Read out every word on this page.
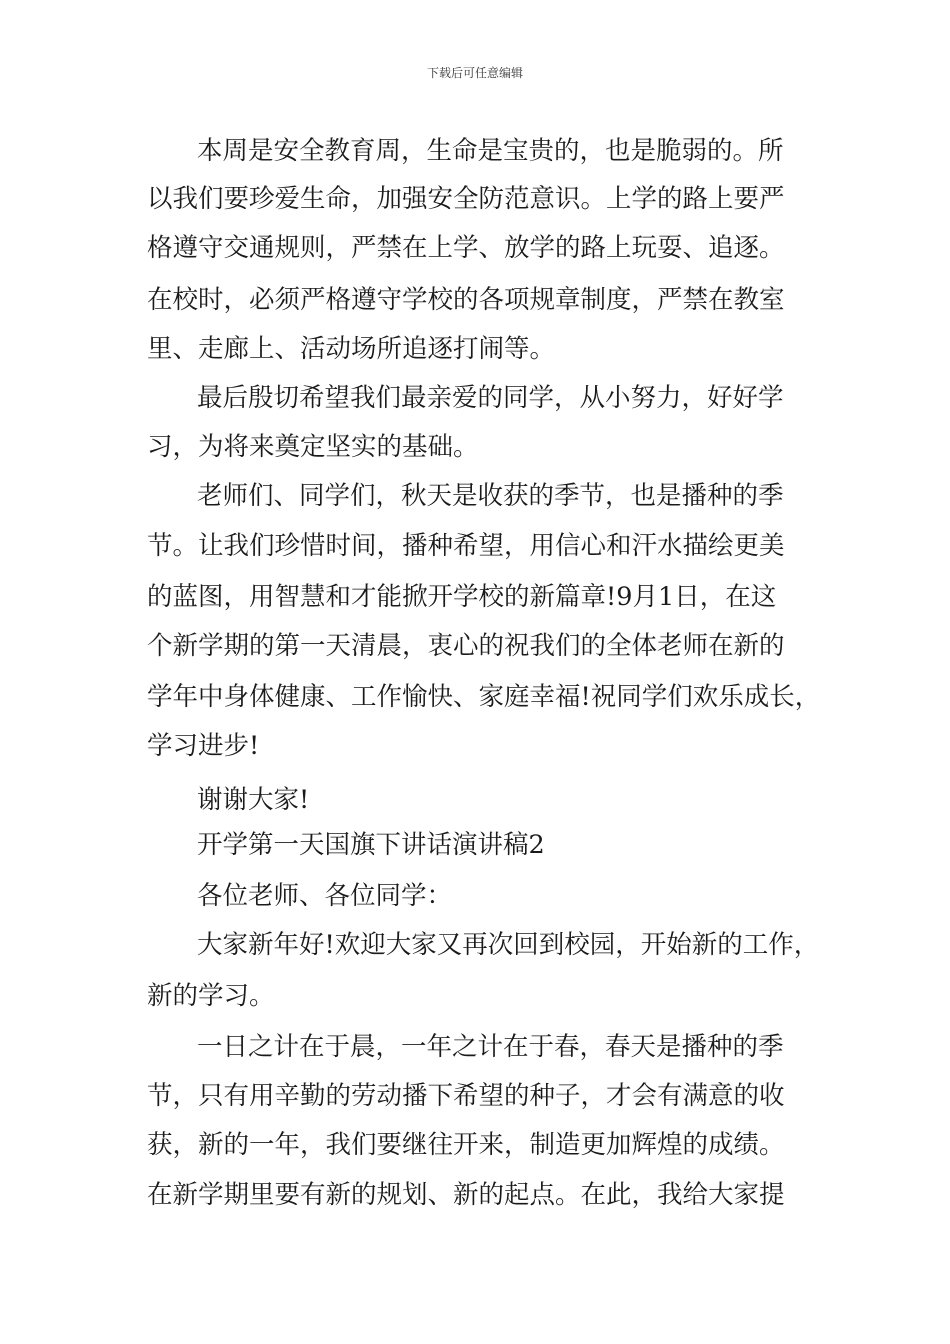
下载后可任意编辑
本周是安全教育周，生命是宝贵的，也是脆弱的。所
以我们要珍爱生命，加强安全防范意识。上学的路上要严
格遵守交通规则，严禁在上学、放学的路上玩耍、追逐。
在校时，必须严格遵守学校的各项规章制度，严禁在教室
里、走廊上、活动场所追逐打闹等。
最后殷切希望我们最亲爱的同学，从小努力，好好学
习，为将来奠定坚实的基础。
老师们、同学们，秋天是收获的季节，也是播种的季
节。让我们珍惜时间，播种希望，用信心和汗水描绘更美
的蓝图，用智慧和才能掀开学校的新篇章!9月1日，在这
个新学期的第一天清晨，衷心的祝我们的全体老师在新的
学年中身体健康、工作愉快、家庭幸福!祝同学们欢乐成长，
学习进步!
谢谢大家!
开学第一天国旗下讲话演讲稿2
各位老师、各位同学：
大家新年好!欢迎大家又再次回到校园，开始新的工作，
新的学习。
一日之计在于晨，一年之计在于春，春天是播种的季
节，只有用辛勤的劳动播下希望的种子，才会有满意的收
获，新的一年，我们要继往开来，制造更加辉煌的成绩。
在新学期里要有新的规划、新的起点。在此，我给大家提
